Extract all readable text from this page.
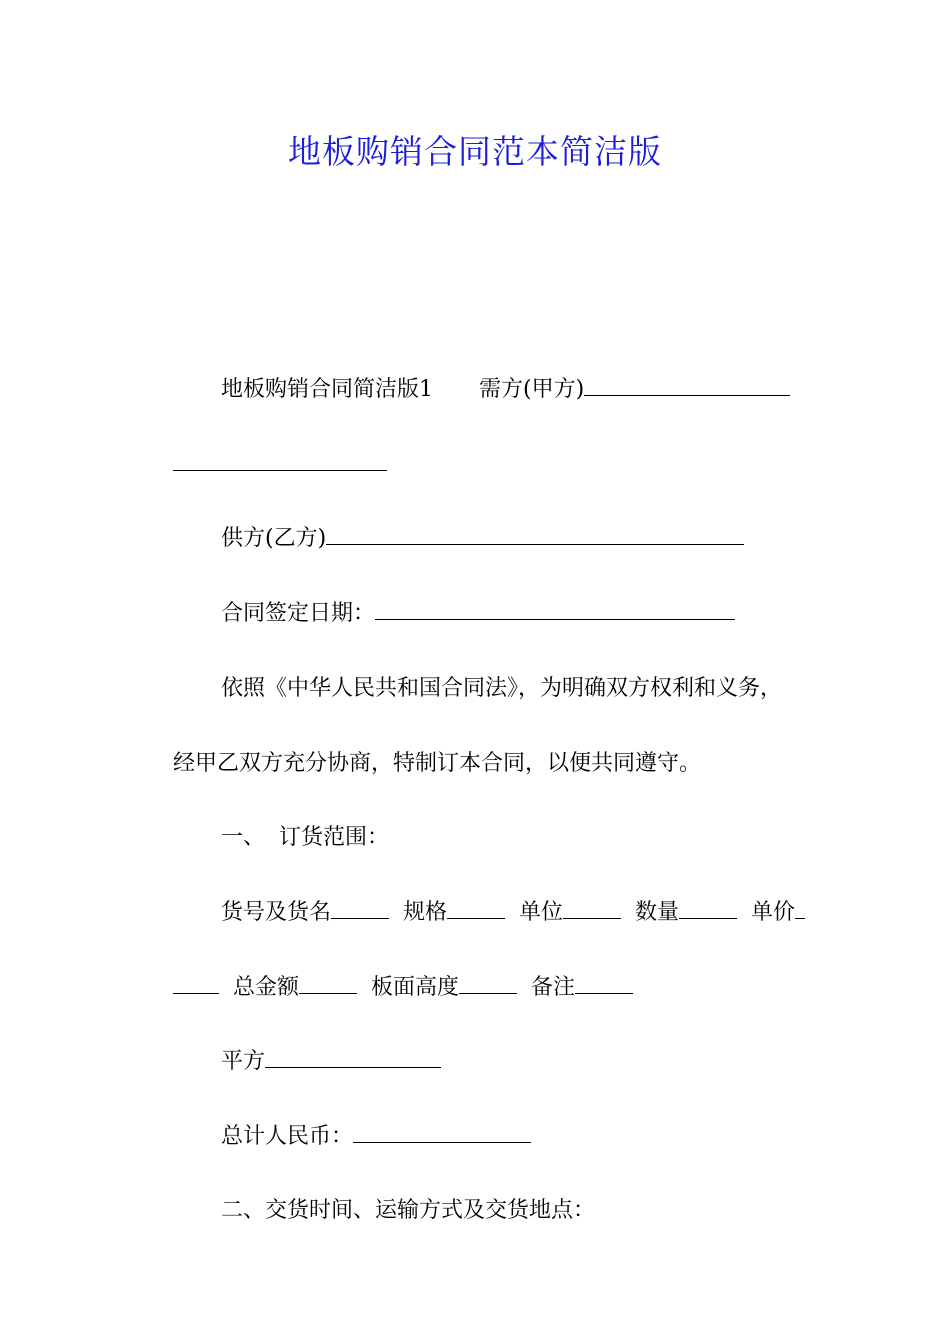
地板购销合同范本简洁版

地板购销合同简洁版1 需方(甲方)

供方(乙方)

合同签定日期：

依照《中华人民共和国合同法》，为明确双方权利和义务，

经甲乙双方充分协商，特制订本合同，以便共同遵守。

一、  订货范围：

货号及货名	规格	单位	数量	单价

总金额	板面高度	备注

平方

总计人民币：

二、交货时间、运输方式及交货地点：
